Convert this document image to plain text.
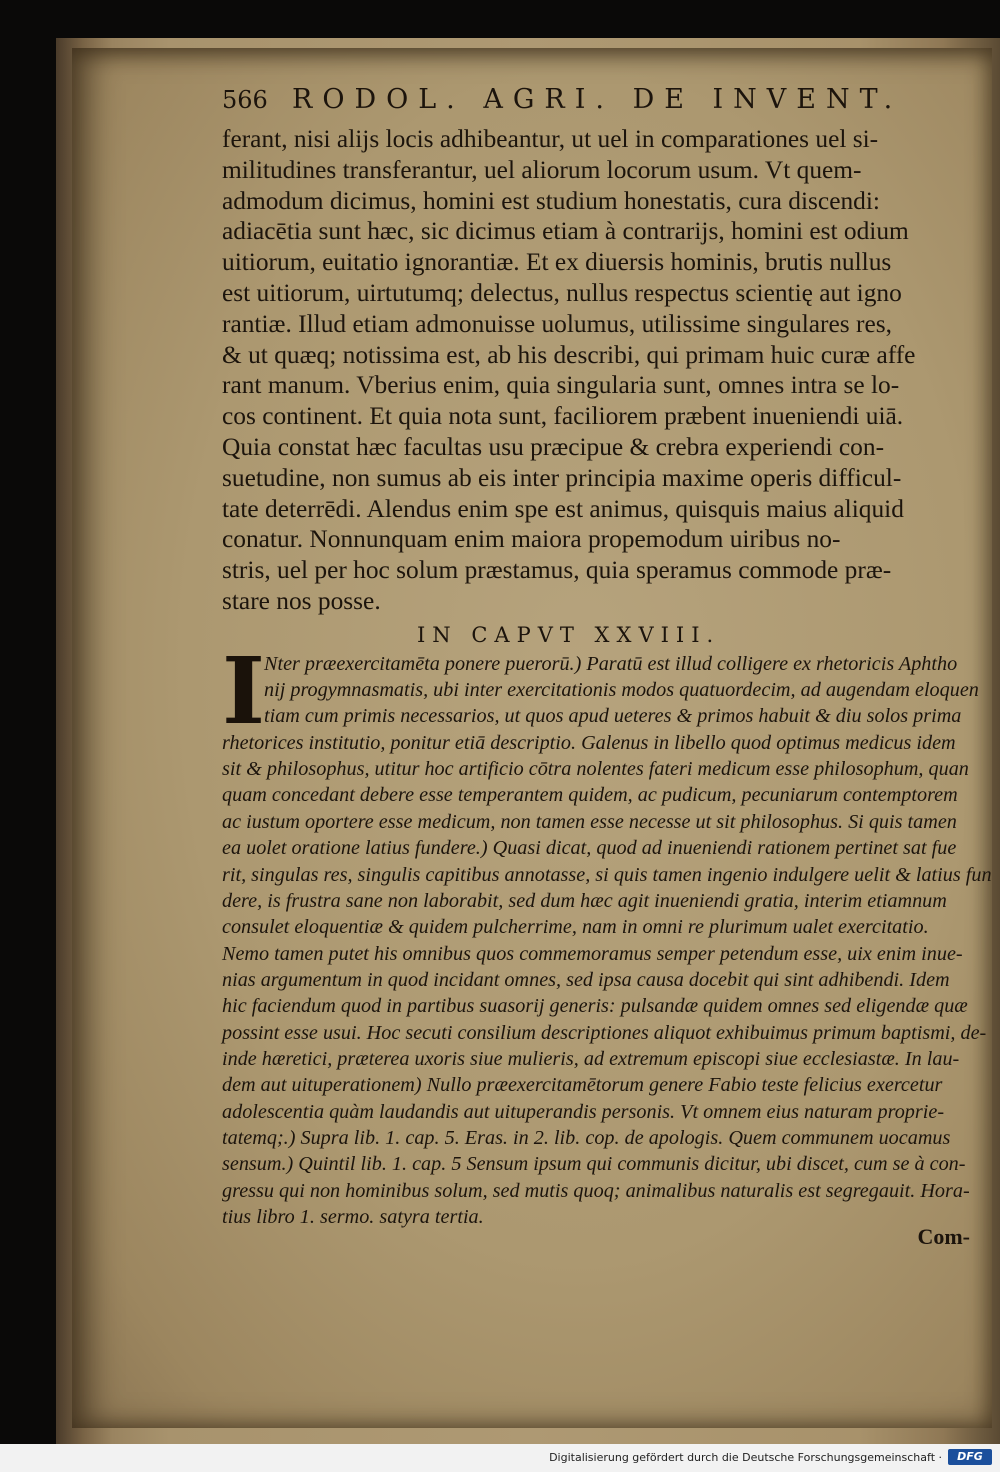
566 RODOL. AGRI. DE INVENT.
ferant, nisi alijs locis adhibeantur, ut uel in comparationes uel si-
militudines transferantur, uel aliorum locorum usum. Vt quem-
admodum dicimus, homini est studium honestatis, cura discendi:
adiacētia sunt hæc, sic dicimus etiam à contrarijs, homini est odium
uitiorum, euitatio ignorantiæ. Et ex diuersis hominis, brutis nullus
est uitiorum, uirtutumq; delectus, nullus respectus scientię aut igno
rantiæ. Illud etiam admonuisse uolumus, utilissime singulares res,
& ut quæq; notissima est, ab his describi, qui primam huic curæ affe
rant manum. Vberius enim, quia singularia sunt, omnes intra se lo-
cos continent. Et quia nota sunt, faciliorem præbent inueniendi uiā.
Quia constat hæc facultas usu præcipue & crebra experiendi con-
suetudine, non sumus ab eis inter principia maxime operis difficul-
tate deterrēdi. Alendus enim spe est animus, quisquis maius aliquid
conatur. Nonnunquam enim maiora propemodum uiribus no-
stris, uel per hoc solum præstamus, quia speramus commode præ-
stare nos posse.
IN CAPVT XXVIII.
I
Nter præexercitamēta ponere puerorū.) Paratū est illud colligere ex rhetoricis Aphtho
nij progymnasmatis, ubi inter exercitationis modos quatuordecim, ad augendam eloquen
tiam cum primis necessarios, ut quos apud ueteres & primos habuit & diu solos prima
rhetorices institutio, ponitur etiā descriptio. Galenus in libello quod optimus medicus idem
sit & philosophus, utitur hoc artificio cōtra nolentes fateri medicum esse philosophum, quan
quam concedant debere esse temperantem quidem, ac pudicum, pecuniarum contemptorem
ac iustum oportere esse medicum, non tamen esse necesse ut sit philosophus. Si quis tamen
ea uolet oratione latius fundere.) Quasi dicat, quod ad inueniendi rationem pertinet sat fue
rit, singulas res, singulis capitibus annotasse, si quis tamen ingenio indulgere uelit & latius fun
dere, is frustra sane non laborabit, sed dum hæc agit inueniendi gratia, interim etiamnum
consulet eloquentiæ & quidem pulcherrime, nam in omni re plurimum ualet exercitatio.
Nemo tamen putet his omnibus quos commemoramus semper petendum esse, uix enim inue-
nias argumentum in quod incidant omnes, sed ipsa causa docebit qui sint adhibendi. Idem
hic faciendum quod in partibus suasorij generis: pulsandæ quidem omnes sed eligendæ quæ
possint esse usui. Hoc secuti consilium descriptiones aliquot exhibuimus primum baptismi, de-
inde hæretici, præterea uxoris siue mulieris, ad extremum episcopi siue ecclesiastæ. In lau-
dem aut uituperationem) Nullo præexercitamētorum genere Fabio teste felicius exercetur
adolescentia quàm laudandis aut uituperandis personis. Vt omnem eius naturam proprie-
tatemq;.) Supra lib. 1. cap. 5. Eras. in 2. lib. cop. de apologis. Quem communem uocamus
sensum.) Quintil lib. 1. cap. 5 Sensum ipsum qui communis dicitur, ubi discet, cum se à con-
gressu qui non hominibus solum, sed mutis quoq; animalibus naturalis est segregauit. Hora-
tius libro 1. sermo. satyra tertia.
Com-
Digitalisierung gefördert durch die Deutsche Forschungsgemeinschaft ·	DFG
